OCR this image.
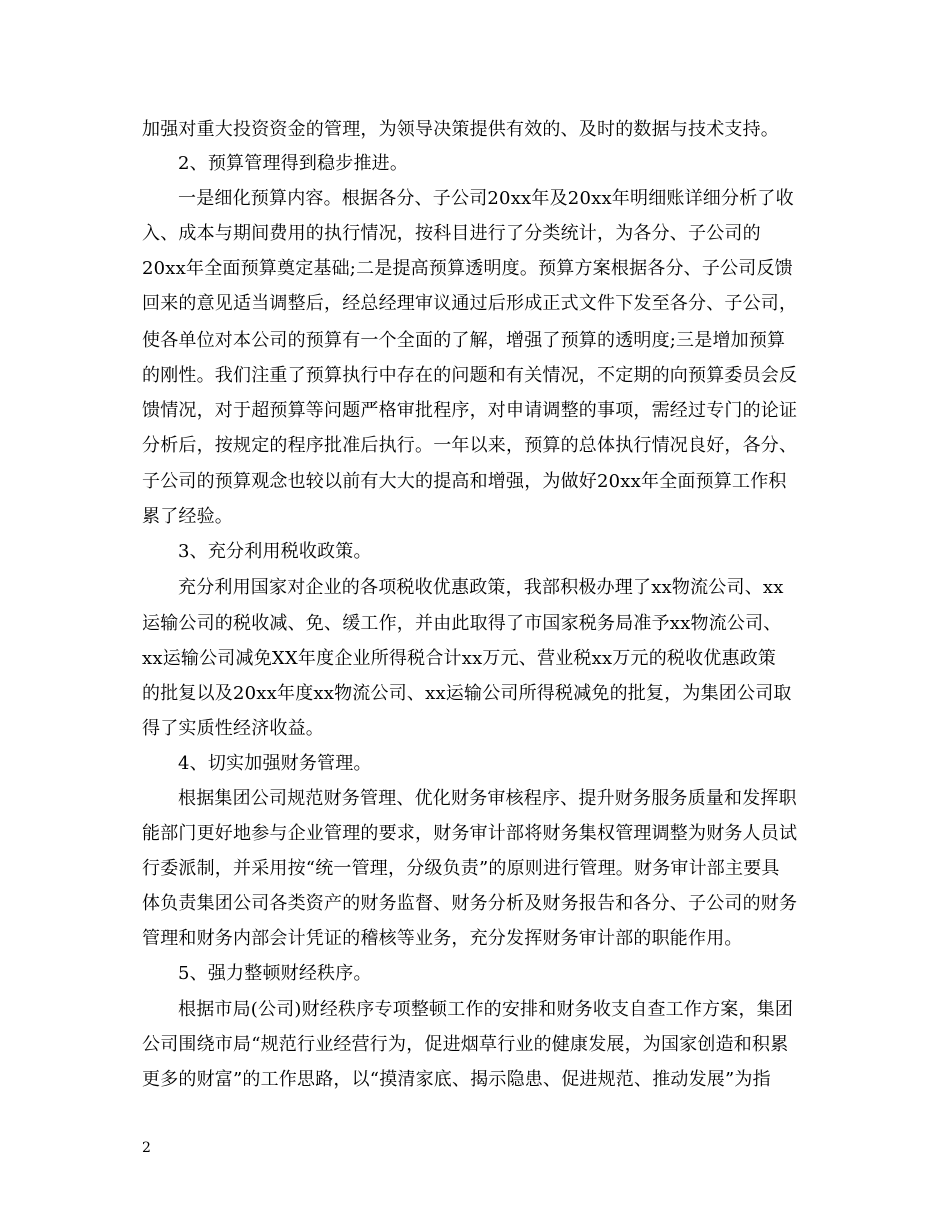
加强对重大投资资金的管理，为领导决策提供有效的、及时的数据与技术支持。
2、预算管理得到稳步推进。
一是细化预算内容。根据各分、子公司20xx年及20xx年明细账详细分析了收
入、成本与期间费用的执行情况，按科目进行了分类统计，为各分、子公司的
20xx年全面预算奠定基础;二是提高预算透明度。预算方案根据各分、子公司反馈
回来的意见适当调整后，经总经理审议通过后形成正式文件下发至各分、子公司，
使各单位对本公司的预算有一个全面的了解，增强了预算的透明度;三是增加预算
的刚性。我们注重了预算执行中存在的问题和有关情况，不定期的向预算委员会反
馈情况，对于超预算等问题严格审批程序，对申请调整的事项，需经过专门的论证
分析后，按规定的程序批准后执行。一年以来，预算的总体执行情况良好，各分、
子公司的预算观念也较以前有大大的提高和增强，为做好20xx年全面预算工作积
累了经验。
3、充分利用税收政策。
充分利用国家对企业的各项税收优惠政策，我部积极办理了xx物流公司、xx
运输公司的税收减、免、缓工作，并由此取得了市国家税务局准予xx物流公司、
xx运输公司减免XX年度企业所得税合计xx万元、营业税xx万元的税收优惠政策
的批复以及20xx年度xx物流公司、xx运输公司所得税减免的批复，为集团公司取
得了实质性经济收益。
4、切实加强财务管理。
根据集团公司规范财务管理、优化财务审核程序、提升财务服务质量和发挥职
能部门更好地参与企业管理的要求，财务审计部将财务集权管理调整为财务人员试
行委派制，并采用按“统一管理，分级负责”的原则进行管理。财务审计部主要具
体负责集团公司各类资产的财务监督、财务分析及财务报告和各分、子公司的财务
管理和财务内部会计凭证的稽核等业务，充分发挥财务审计部的职能作用。
5、强力整顿财经秩序。
根据市局(公司)财经秩序专项整顿工作的安排和财务收支自查工作方案，集团
公司围绕市局“规范行业经营行为，促进烟草行业的健康发展，为国家创造和积累
更多的财富”的工作思路，以“摸清家底、揭示隐患、促进规范、推动发展”为指
2
